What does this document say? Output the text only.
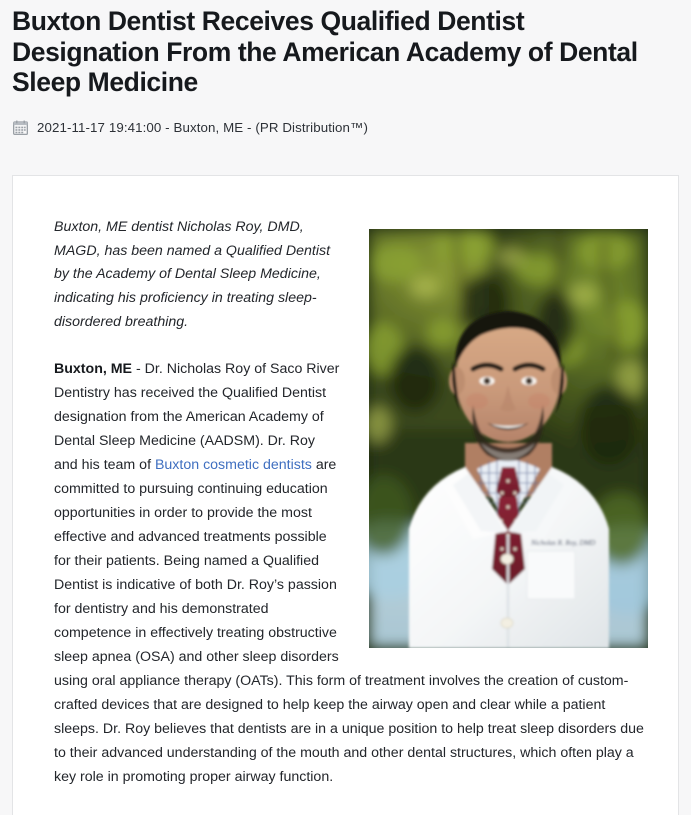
Buxton Dentist Receives Qualified Dentist Designation From the American Academy of Dental Sleep Medicine
2021-11-17 19:41:00 - Buxton, ME - (PR Distribution™)
Nicholas R. Roy, DMD

Buxton, ME dentist Nicholas Roy, DMD, MAGD, has been named a Qualified Dentist by the Academy of Dental Sleep Medicine, indicating his proficiency in treating sleep-disordered breathing.

Buxton, ME - Dr. Nicholas Roy of Saco River Dentistry has received the Qualified Dentist designation from the American Academy of Dental Sleep Medicine (AADSM). Dr. Roy and his team of Buxton cosmetic dentists are committed to pursuing continuing education opportunities in order to provide the most effective and advanced treatments possible for their patients. Being named a Qualified Dentist is indicative of both Dr. Roy’s passion for dentistry and his demonstrated competence in effectively treating obstructive sleep apnea (OSA) and other sleep disorders using oral appliance therapy (OATs). This form of treatment involves the creation of custom-crafted devices that are designed to help keep the airway open and clear while a patient sleeps. Dr. Roy believes that dentists are in a unique position to help treat sleep disorders due to their advanced understanding of the mouth and other dental structures, which often play a key role in promoting proper airway function.
